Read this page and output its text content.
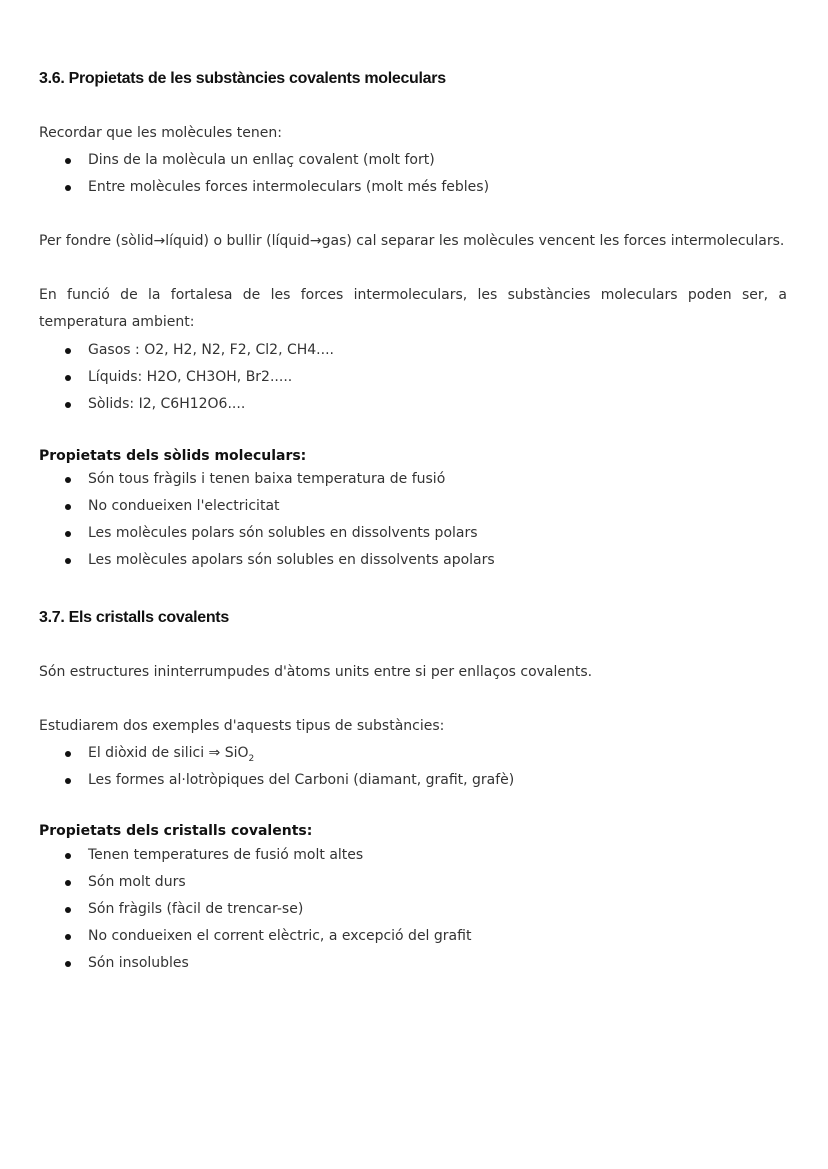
3.6. Propietats de les substàncies covalents moleculars

Recordar que les molècules tenen:

Dins de la molècula un enllaç covalent (molt fort)
Entre molècules forces intermoleculars (molt més febles)

Per fondre (sòlid→líquid) o bullir (líquid→gas) cal separar les molècules vencent les forces intermoleculars.

En funció de la fortalesa de les forces intermoleculars, les substàncies moleculars poden ser, a
temperatura ambient:

Gasos : O2, H2, N2, F2, Cl2, CH4....
Líquids: H2O, CH3OH, Br2.....
Sòlids: I2, C6H12O6....

Propietats dels sòlids moleculars:

Són tous fràgils i tenen baixa temperatura de fusió
No condueixen l'electricitat
Les molècules polars són solubles en dissolvents polars
Les molècules apolars són solubles en dissolvents apolars
3.7. Els cristalls covalents

Són estructures ininterrumpudes d'àtoms units entre si per enllaços covalents.

Estudiarem dos exemples d'aquests tipus de substàncies:

El diòxid de silici ⇒ SiO$_2$
Les formes al·lotròpiques del Carboni (diamant, grafit, grafè)

Propietats dels cristalls covalents:

Tenen temperatures de fusió molt altes
Són molt durs
Són fràgils (fàcil de trencar-se)
No condueixen el corrent elèctric, a excepció del grafit
Són insolubles
